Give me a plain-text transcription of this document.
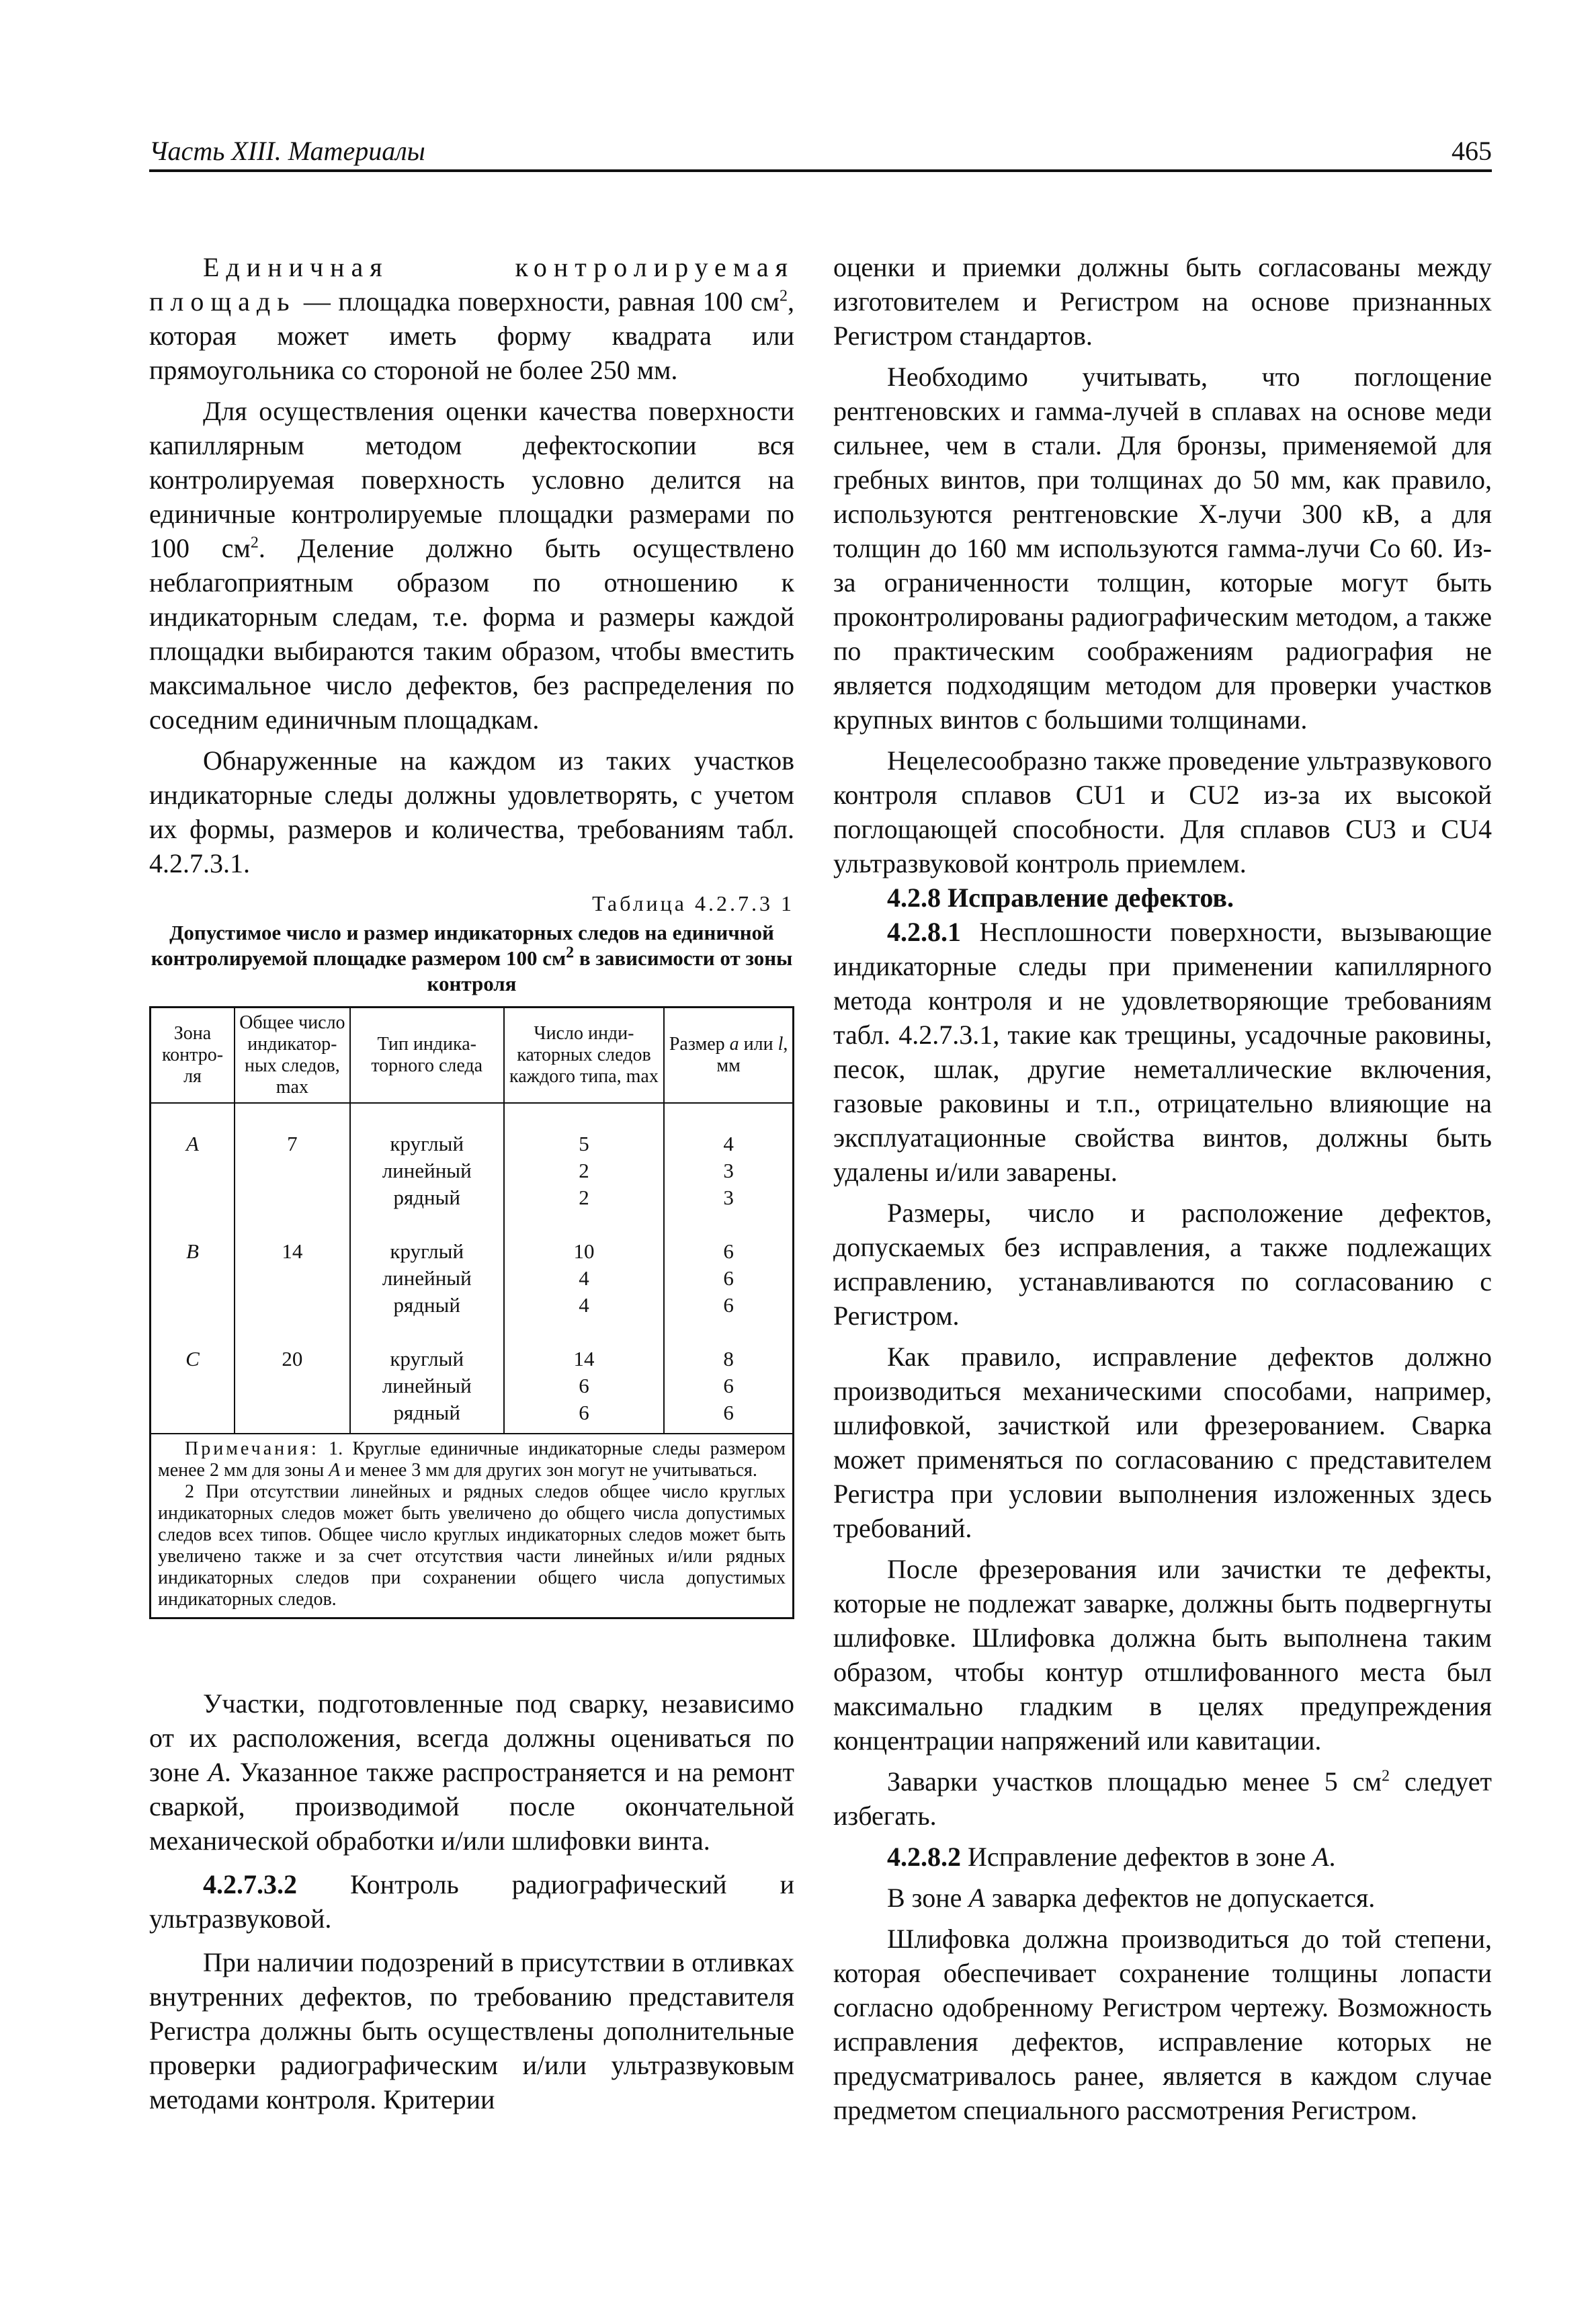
Часть XIII. Материалы	465

Единичная контролируемая площадь — площадка поверхности, равная 100 $см^2$, которая может иметь форму квадрата или прямоугольника со стороной не более 250 мм.

Для осуществления оценки качества поверхности капиллярным методом дефектоскопии вся контролируемая поверхность условно делится на единичные контролируемые площадки размерами по 100 $см^2$. Деление должно быть осуществлено неблагоприятным образом по отношению к индикаторным следам, т.е. форма и размеры каждой площадки выбираются таким образом, чтобы вместить максимальное число дефектов, без распределения по соседним единичным площадкам.

Обнаруженные на каждом из таких участков индикаторные следы должны удовлетворять, с учетом их формы, размеров и количества, требованиям табл. 4.2.7.3.1.

Таблица 4.2.7.3 1
Допустимое число и размер индикаторных следов на единичной контролируемой площадке размером 100 $см^2$ в зависимости от зоны контроля
Зона контро-ля	Общее число индикатор-ных следов, max	Тип индика-торного следа	Число инди-каторных следов каждого типа, max	Размер a или l, мм
A	7	круглый	5	4
		линейный	2	3
		рядный	2	3
B	14	круглый	10	6
		линейный	4	6
		рядный	4	6
C	20	круглый	14	8
		линейный	6	6
		рядный	6	6

Примечания: 1. Круглые единичные индикаторные следы размером менее 2 мм для зоны А и менее 3 мм для других зон могут не учитываться.

2 При отсутствии линейных и рядных следов общее число круглых индикаторных следов может быть увеличено до общего числа допустимых следов всех типов. Общее число круглых индикаторных следов может быть увеличено также и за счет отсутствия части линейных и/или рядных индикаторных следов при сохранении общего числа допустимых индикаторных следов.

Участки, подготовленные под сварку, независимо от их расположения, всегда должны оцениваться по зоне А. Указанное также распространяется и на ремонт сваркой, производимой после окончательной механической обработки и/или шлифовки винта.

4.2.7.3.2 Контроль радиографический и ультразвуковой.

При наличии подозрений в присутствии в отливках внутренних дефектов, по требованию представителя Регистра должны быть осуществлены дополнительные проверки радиографическим и/или ультразвуковым методами контроля. Критерии

оценки и приемки должны быть согласованы между изготовителем и Регистром на основе признанных Регистром стандартов.

Необходимо учитывать, что поглощение рентгеновских и гамма-лучей в сплавах на основе меди сильнее, чем в стали. Для бронзы, применяемой для гребных винтов, при толщинах до 50 мм, как правило, используются рентгеновские Х-лучи 300 кВ, а для толщин до 160 мм используются гамма-лучи Co 60. Из-за ограниченности толщин, которые могут быть проконтролированы радиографическим методом, а также по практическим соображениям радиография не является подходящим методом для проверки участков крупных винтов с большими толщинами.

Нецелесообразно также проведение ультразвукового контроля сплавов CU1 и CU2 из-за их высокой поглощающей способности. Для сплавов CU3 и CU4 ультразвуковой контроль приемлем.

4.2.8 Исправление дефектов.

4.2.8.1 Несплошности поверхности, вызывающие индикаторные следы при применении капиллярного метода контроля и не удовлетворяющие требованиям табл. 4.2.7.3.1, такие как трещины, усадочные раковины, песок, шлак, другие неметаллические включения, газовые раковины и т.п., отрицательно влияющие на эксплуатационные свойства винтов, должны быть удалены и/или заварены.

Размеры, число и расположение дефектов, допускаемых без исправления, а также подлежащих исправлению, устанавливаются по согласованию с Регистром.

Как правило, исправление дефектов должно производиться механическими способами, например, шлифовкой, зачисткой или фрезерованием. Сварка может применяться по согласованию с представителем Регистра при условии выполнения изложенных здесь требований.

После фрезерования или зачистки те дефекты, которые не подлежат заварке, должны быть подвергнуты шлифовке. Шлифовка должна быть выполнена таким образом, чтобы контур отшлифованного места был максимально гладким в целях предупреждения концентрации напряжений или кавитации.

Заварки участков площадью менее 5 $см^2$ следует избегать.

4.2.8.2 Исправление дефектов в зоне А.

В зоне А заварка дефектов не допускается.

Шлифовка должна производиться до той степени, которая обеспечивает сохранение толщины лопасти согласно одобренному Регистром чертежу. Возможность исправления дефектов, исправление которых не предусматривалось ранее, является в каждом случае предметом специального рассмотрения Регистром.
